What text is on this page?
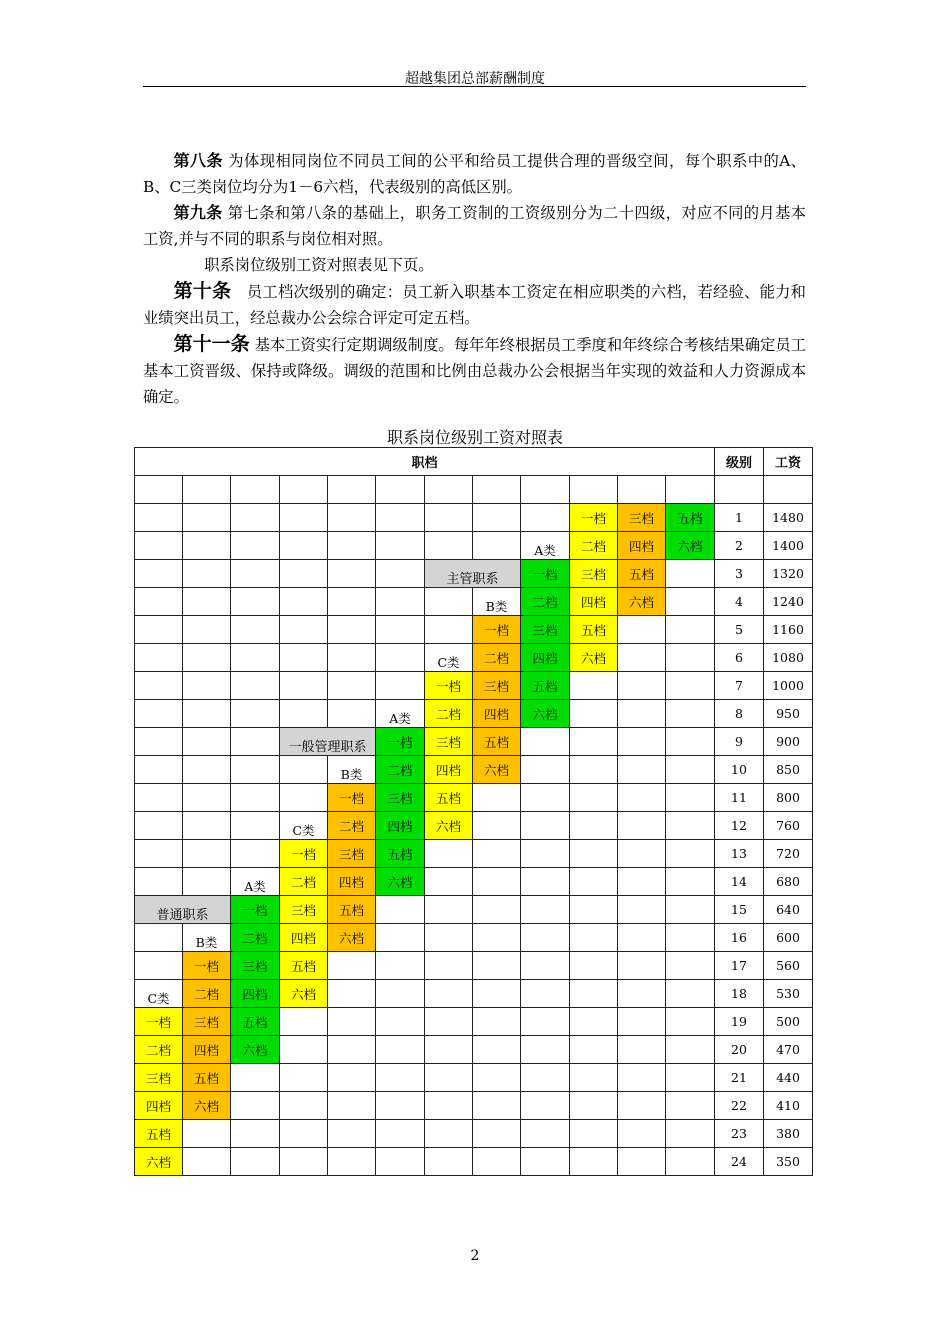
超越集团总部薪酬制度

第八条 为体现相同岗位不同员工间的公平和给员工提供合理的晋级空间，每个职系中的A、B、C三类岗位均分为1－6六档，代表级别的高低区别。

第九条 第七条和第八条的基础上，职务工资制的工资级别分为二十四级，对应不同的月基本工资,并与不同的职系与岗位相对照。

职系岗位级别工资对照表见下页。

第十条　员工档次级别的确定：员工新入职基本工资定在相应职类的六档，若经验、能力和业绩突出员工，经总裁办公会综合评定可定五档。

第十一条 基本工资实行定期调级制度。每年年终根据员工季度和年终综合考核结果确定员工基本工资晋级、保持或降级。调级的范围和比例由总裁办公会根据当年实现的效益和人力资源成本确定。

职系岗位级别工资对照表
职档												级别	工资

									一档	三档	五档	1	1480
								A类	二档	四档	六档	2	1400
						主管职系		一档	三档	五档		3	1320
							B类	二档	四档	六档		4	1240
							一档	三档	五档			5	1160
						C类	二档	四档	六档			6	1080
						一档	三档	五档				7	1000
					A类	二档	四档	六档				8	950
			一般管理职系		一档	三档	五档					9	900
				B类	二档	四档	六档					10	850
				一档	三档	五档						11	800
			C类	二档	四档	六档						12	760
			一档	三档	五档							13	720
		A类	二档	四档	六档							14	680
普通职系		一档	三档	五档								15	640
	B类	二档	四档	六档								16	600
	一档	三档	五档									17	560
C类	二档	四档	六档									18	530
一档	三档	五档										19	500
二档	四档	六档										20	470
三档	五档											21	440
四档	六档											22	410
五档												23	380
六档												24	350
2
